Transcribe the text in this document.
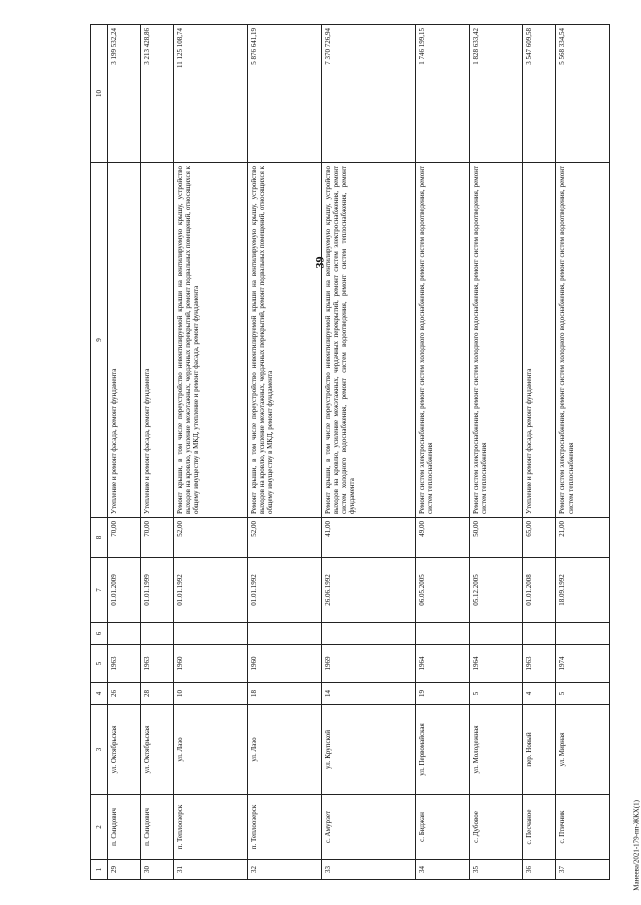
39
Манеева/2021-179-пп-ЖКХ(1)
1	2	3	4	5	6	7	8	9	10
29	п. Смидович	ул. Октябрьская	26	1963		01.01.2009	70,00	Утепление и ремонт фасада, ремонт фундамента	3 199 532,24
30	п. Смидович	ул. Октябрьская	28	1963		01.01.1999	70,00	Утепление и ремонт фасада, ремонт фундамента	3 213 428,86
31	п. Теплоозерск	ул. Лазо	10	1960		01.01.1992	52,00	Ремонт крыши, в том числе переустройство невентилируемой крыши на вентилируемую крышу, устройство выходов на кровлю, усиление межэтажных, чердачных перекрытий, ремонт подвальных помещений, относящихся к общему имуществу в МКД, утепление и ремонт фасада, ремонт фундамента	11 125 108,74
32	п. Теплоозерск	ул. Лазо	18	1960		01.01.1992	52,00	Ремонт крыши, в том числе переустройство невентилируемой крыши на вентилируемую крышу, устройство выходов на кровлю, усиление межэтажных, чердачных перекрытий, ремонт подвальных помещений, относящихся к общему имуществу в МКД, ремонт фундамента	5 876 641,19
33	с. Амурзет	ул. Крупской	14	1969		26.06.1992	41,00	Ремонт крыши, в том числе переустройство невентилируемой крыши на вентилируемую крышу, устройство выходов на кровлю, усиление межэтажных, чердачных перекрытий, ремонт систем электроснабжения, ремонт систем холодного водоснабжения, ремонт систем водоотведения, ремонт систем теплоснабжения, ремонт фундамента	7 370 726,94
34	с. Биджан	ул. Первомайская	19	1964		06.05.2005	49,00	Ремонт систем электроснабжения, ремонт систем холодного водоснабжения, ремонт систем водоотведения, ремонт систем теплоснабжения	1 746 199,15
35	с. Дубовое	ул. Молодежная	5	1964		05.12.2005	50,00	Ремонт систем электроснабжения, ремонт систем холодного водоснабжения, ремонт систем водоотведения, ремонт систем теплоснабжения	1 828 633,42
36	с. Песчаное	пер. Новый	4	1963		01.01.2008	65,00	Утепление и ремонт фасада, ремонт фундамента	3 547 609,58
37	с. Птичник	ул. Мирная	5	1974		18.09.1992	21,00	Ремонт систем электроснабжения, ремонт систем холодного водоснабжения, ремонт систем водоотведения, ремонт систем теплоснабжения	5 568 334,54
